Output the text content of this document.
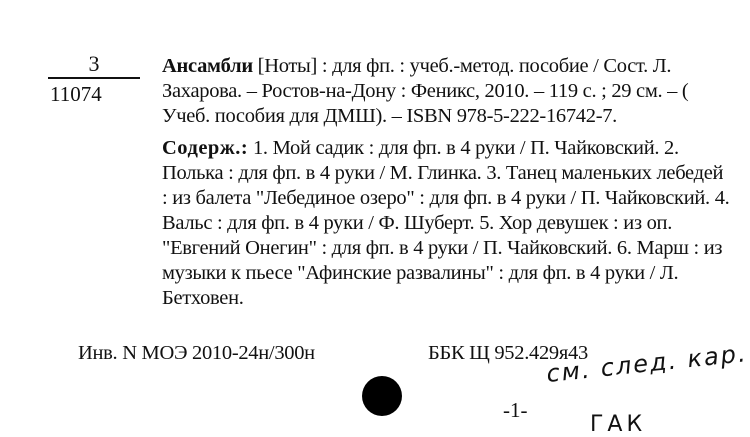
3
11074

Ансамбли [Ноты] : для фп. : учеб.-метод. пособие / Сост. Л. Захарова. – Ростов-на-Дону : Феникс, 2010. – 119 с. ; 29 см. – ( Учеб. пособия для ДМШ). – ISBN 978-5-222-16742-7.

Содерж.: 1. Мой садик : для фп. в 4 руки / П. Чайковский. 2. Полька : для фп. в 4 руки / М. Глинка. 3. Танец маленьких лебедей : из балета "Лебединое озеро" : для фп. в 4 руки / П. Чайковский. 4. Вальс : для фп. в 4 руки / Ф. Шуберт. 5. Хор девушек : из оп. "Евгений Онегин" : для фп. в 4 руки / П. Чайковский. 6. Марш : из музыки к пьесе "Афинские развалины" : для фп. в 4 руки / Л. Бетховен.

Инв. N МОЭ 2010-24н/300н	ББК Щ 952.429я43
-1-
см. след. кар.
ГАК
